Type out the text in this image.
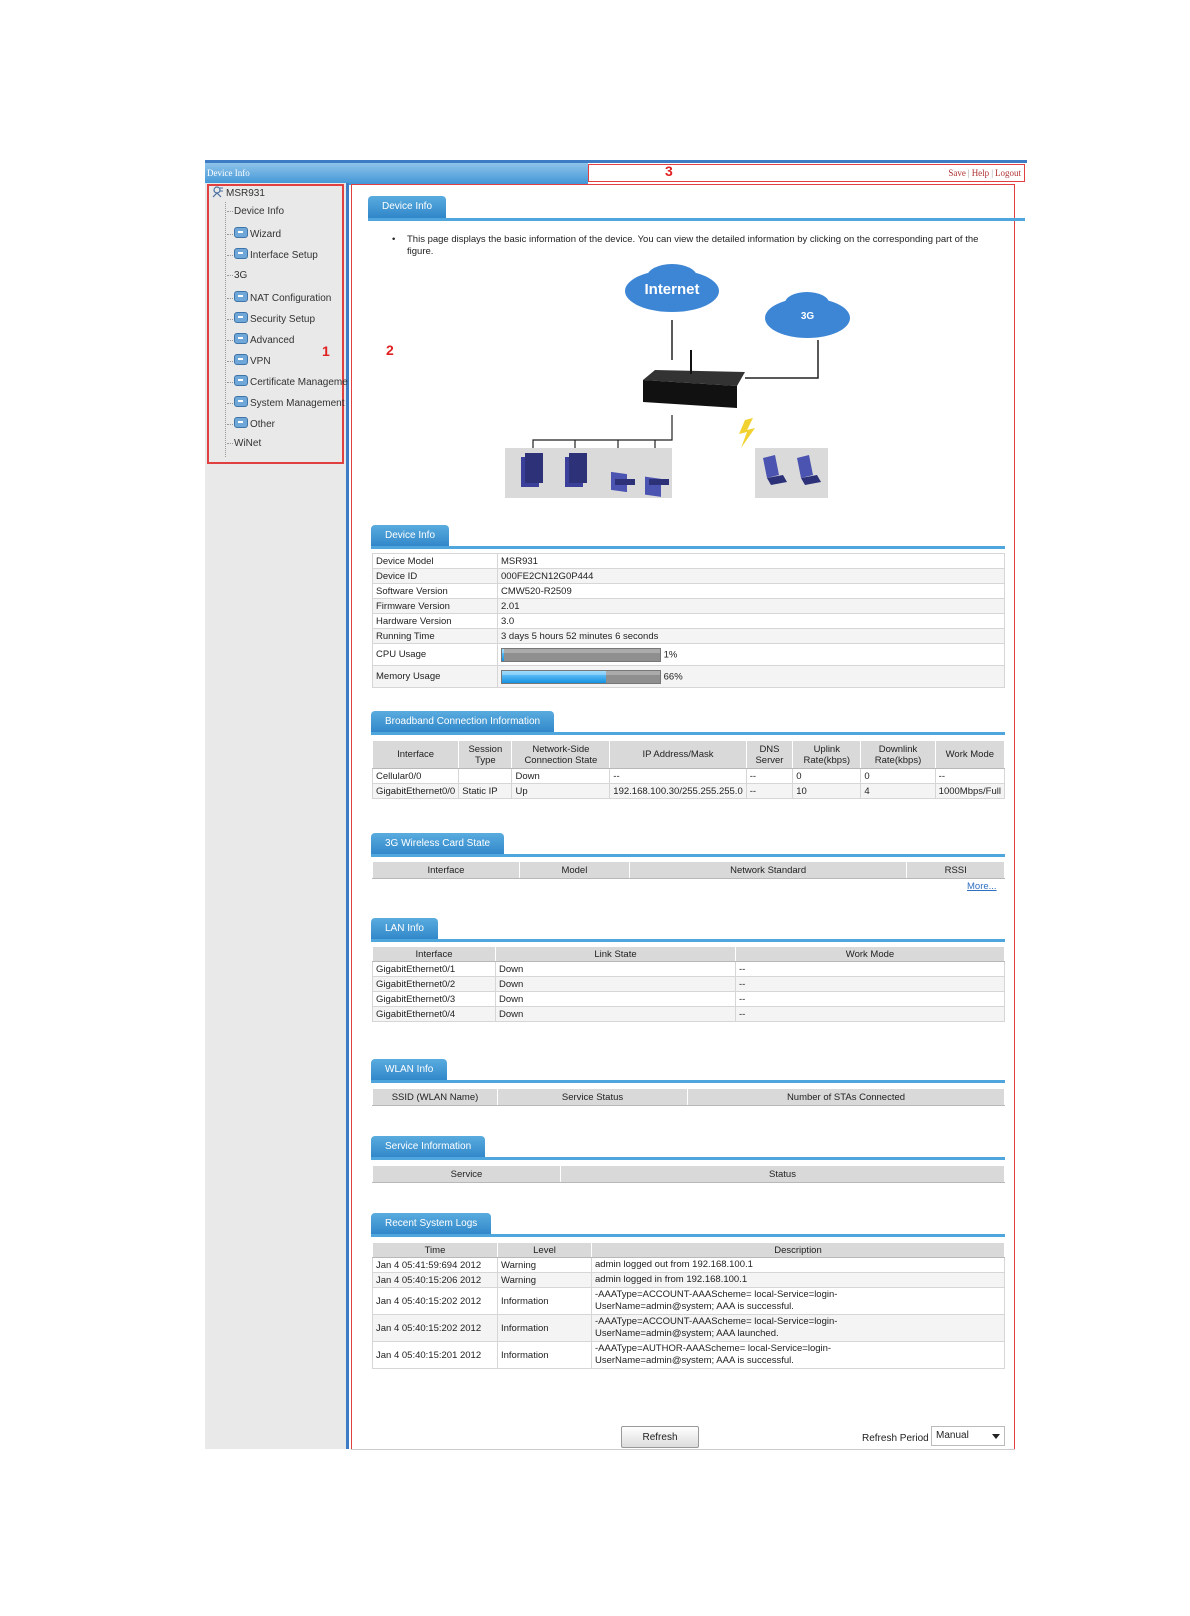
Device Info	Save | Help | Logout
3
1
MSR931
Device Info
Wizard
Interface Setup
3G
NAT Configuration
Security Setup
Advanced
VPN
Certificate Manageme
System Management
Other
WiNet
2
Device Info
• This page displays the basic information of the device. You can view the detailed information by clicking on the corresponding part of the figure.
Internet
3G
Device Info
Device Model	MSR931
Device ID	000FE2CN12G0P444
Software Version	CMW520-R2509
Firmware Version	2.01
Hardware Version	3.0
Running Time	3 days 5 hours 52 minutes 6 seconds
CPU Usage	1%
Memory Usage	66%
Broadband Connection Information
Interface	Session Type	Network-Side Connection State	IP Address/Mask	DNS Server	Uplink Rate(kbps)	Downlink Rate(kbps)	Work Mode
Cellular0/0		Down	--	--	0	0	--
GigabitEthernet0/0	Static IP	Up	192.168.100.30/255.255.255.0	--	10	4	1000Mbps/Full
3G Wireless Card State
Interface	Model	Network Standard	RSSI
More...
LAN Info
Interface	Link State	Work Mode
GigabitEthernet0/1	Down	--
GigabitEthernet0/2	Down	--
GigabitEthernet0/3	Down	--
GigabitEthernet0/4	Down	--
WLAN Info
SSID (WLAN Name)	Service Status	Number of STAs Connected
Service Information
Service	Status
Recent System Logs
Time	Level	Description
Jan 4 05:41:59:694 2012	Warning	admin logged out from 192.168.100.1

Jan 4 05:40:15:206 2012	Warning	admin logged in from 192.168.100.1

Jan 4 05:40:15:202 2012	Information	-AAAType=ACCOUNT-AAAScheme= local-Service=login-
UserName=admin@system; AAA is successful.

Jan 4 05:40:15:202 2012	Information	-AAAType=ACCOUNT-AAAScheme= local-Service=login-
UserName=admin@system; AAA launched.

Jan 4 05:40:15:201 2012	Information	-AAAType=AUTHOR-AAAScheme= local-Service=login-
UserName=admin@system; AAA is successful.
Refresh	Refresh Period Manual
